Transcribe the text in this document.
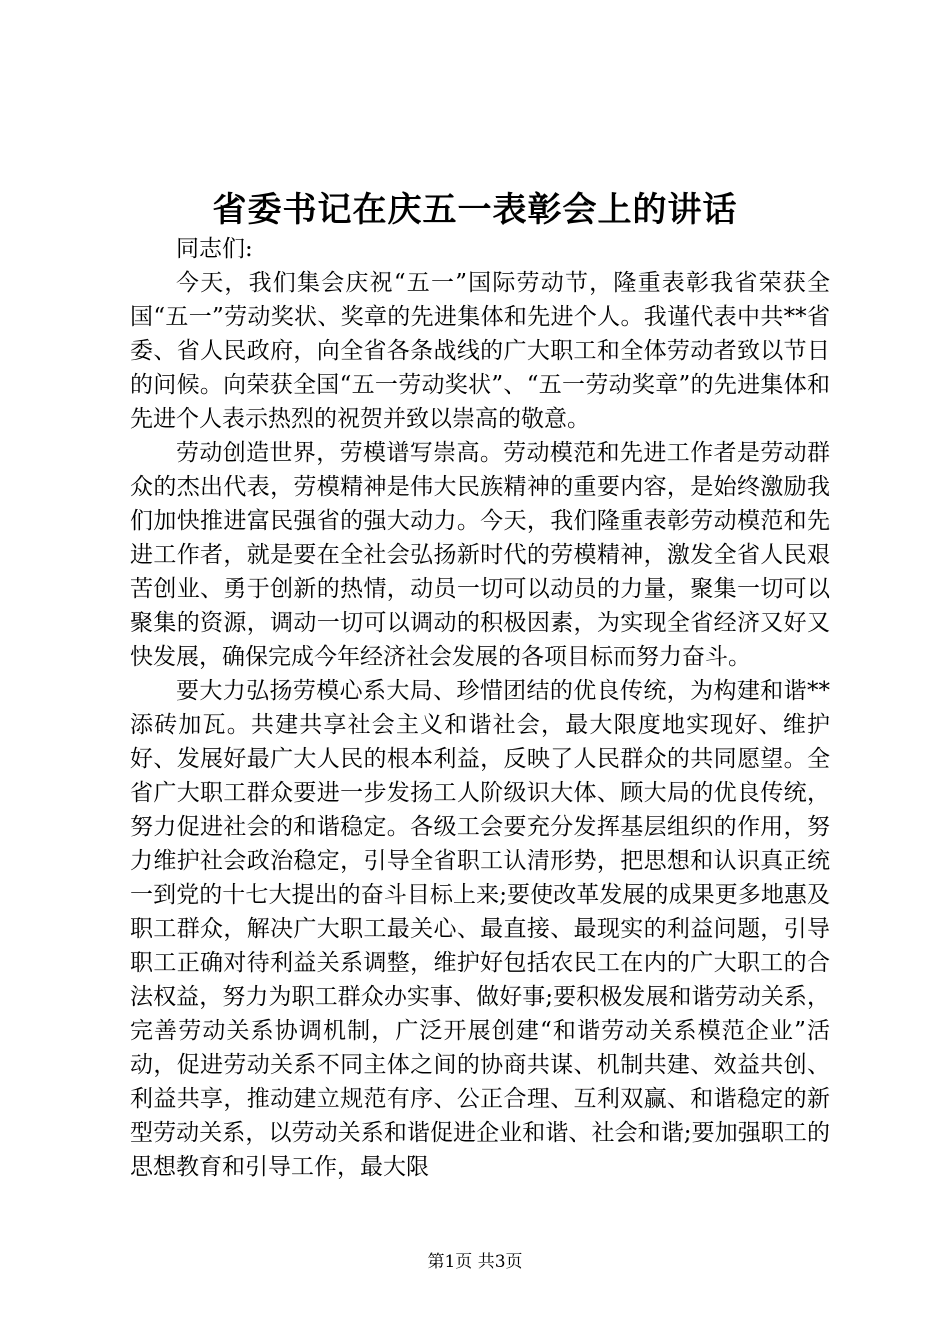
省委书记在庆五一表彰会上的讲话

同志们:

今天，我们集会庆祝“五一”国际劳动节，隆重表彰我省荣获全国“五一”劳动奖状、奖章的先进集体和先进个人。我谨代表中共**省委、省人民政府，向全省各条战线的广大职工和全体劳动者致以节日的问候。向荣获全国“五一劳动奖状”、“五一劳动奖章”的先进集体和先进个人表示热烈的祝贺并致以崇高的敬意。

劳动创造世界，劳模谱写崇高。劳动模范和先进工作者是劳动群众的杰出代表，劳模精神是伟大民族精神的重要内容，是始终激励我们加快推进富民强省的强大动力。今天，我们隆重表彰劳动模范和先进工作者，就是要在全社会弘扬新时代的劳模精神，激发全省人民艰苦创业、勇于创新的热情，动员一切可以动员的力量，聚集一切可以聚集的资源，调动一切可以调动的积极因素，为实现全省经济又好又快发展，确保完成今年经济社会发展的各项目标而努力奋斗。

要大力弘扬劳模心系大局、珍惜团结的优良传统，为构建和谐**添砖加瓦。共建共享社会主义和谐社会，最大限度地实现好、维护好、发展好最广大人民的根本利益，反映了人民群众的共同愿望。全省广大职工群众要进一步发扬工人阶级识大体、顾大局的优良传统，努力促进社会的和谐稳定。各级工会要充分发挥基层组织的作用，努力维护社会政治稳定，引导全省职工认清形势，把思想和认识真正统一到党的十七大提出的奋斗目标上来;要使改革发展的成果更多地惠及职工群众，解决广大职工最关心、最直接、最现实的利益问题，引导职工正确对待利益关系调整，维护好包括农民工在内的广大职工的合法权益，努力为职工群众办实事、做好事;要积极发展和谐劳动关系，完善劳动关系协调机制，广泛开展创建“和谐劳动关系模范企业”活动，促进劳动关系不同主体之间的协商共谋、机制共建、效益共创、利益共享，推动建立规范有序、公正合理、互利双赢、和谐稳定的新型劳动关系，以劳动关系和谐促进企业和谐、社会和谐;要加强职工的思想教育和引导工作，最大限

第1页 共3页
